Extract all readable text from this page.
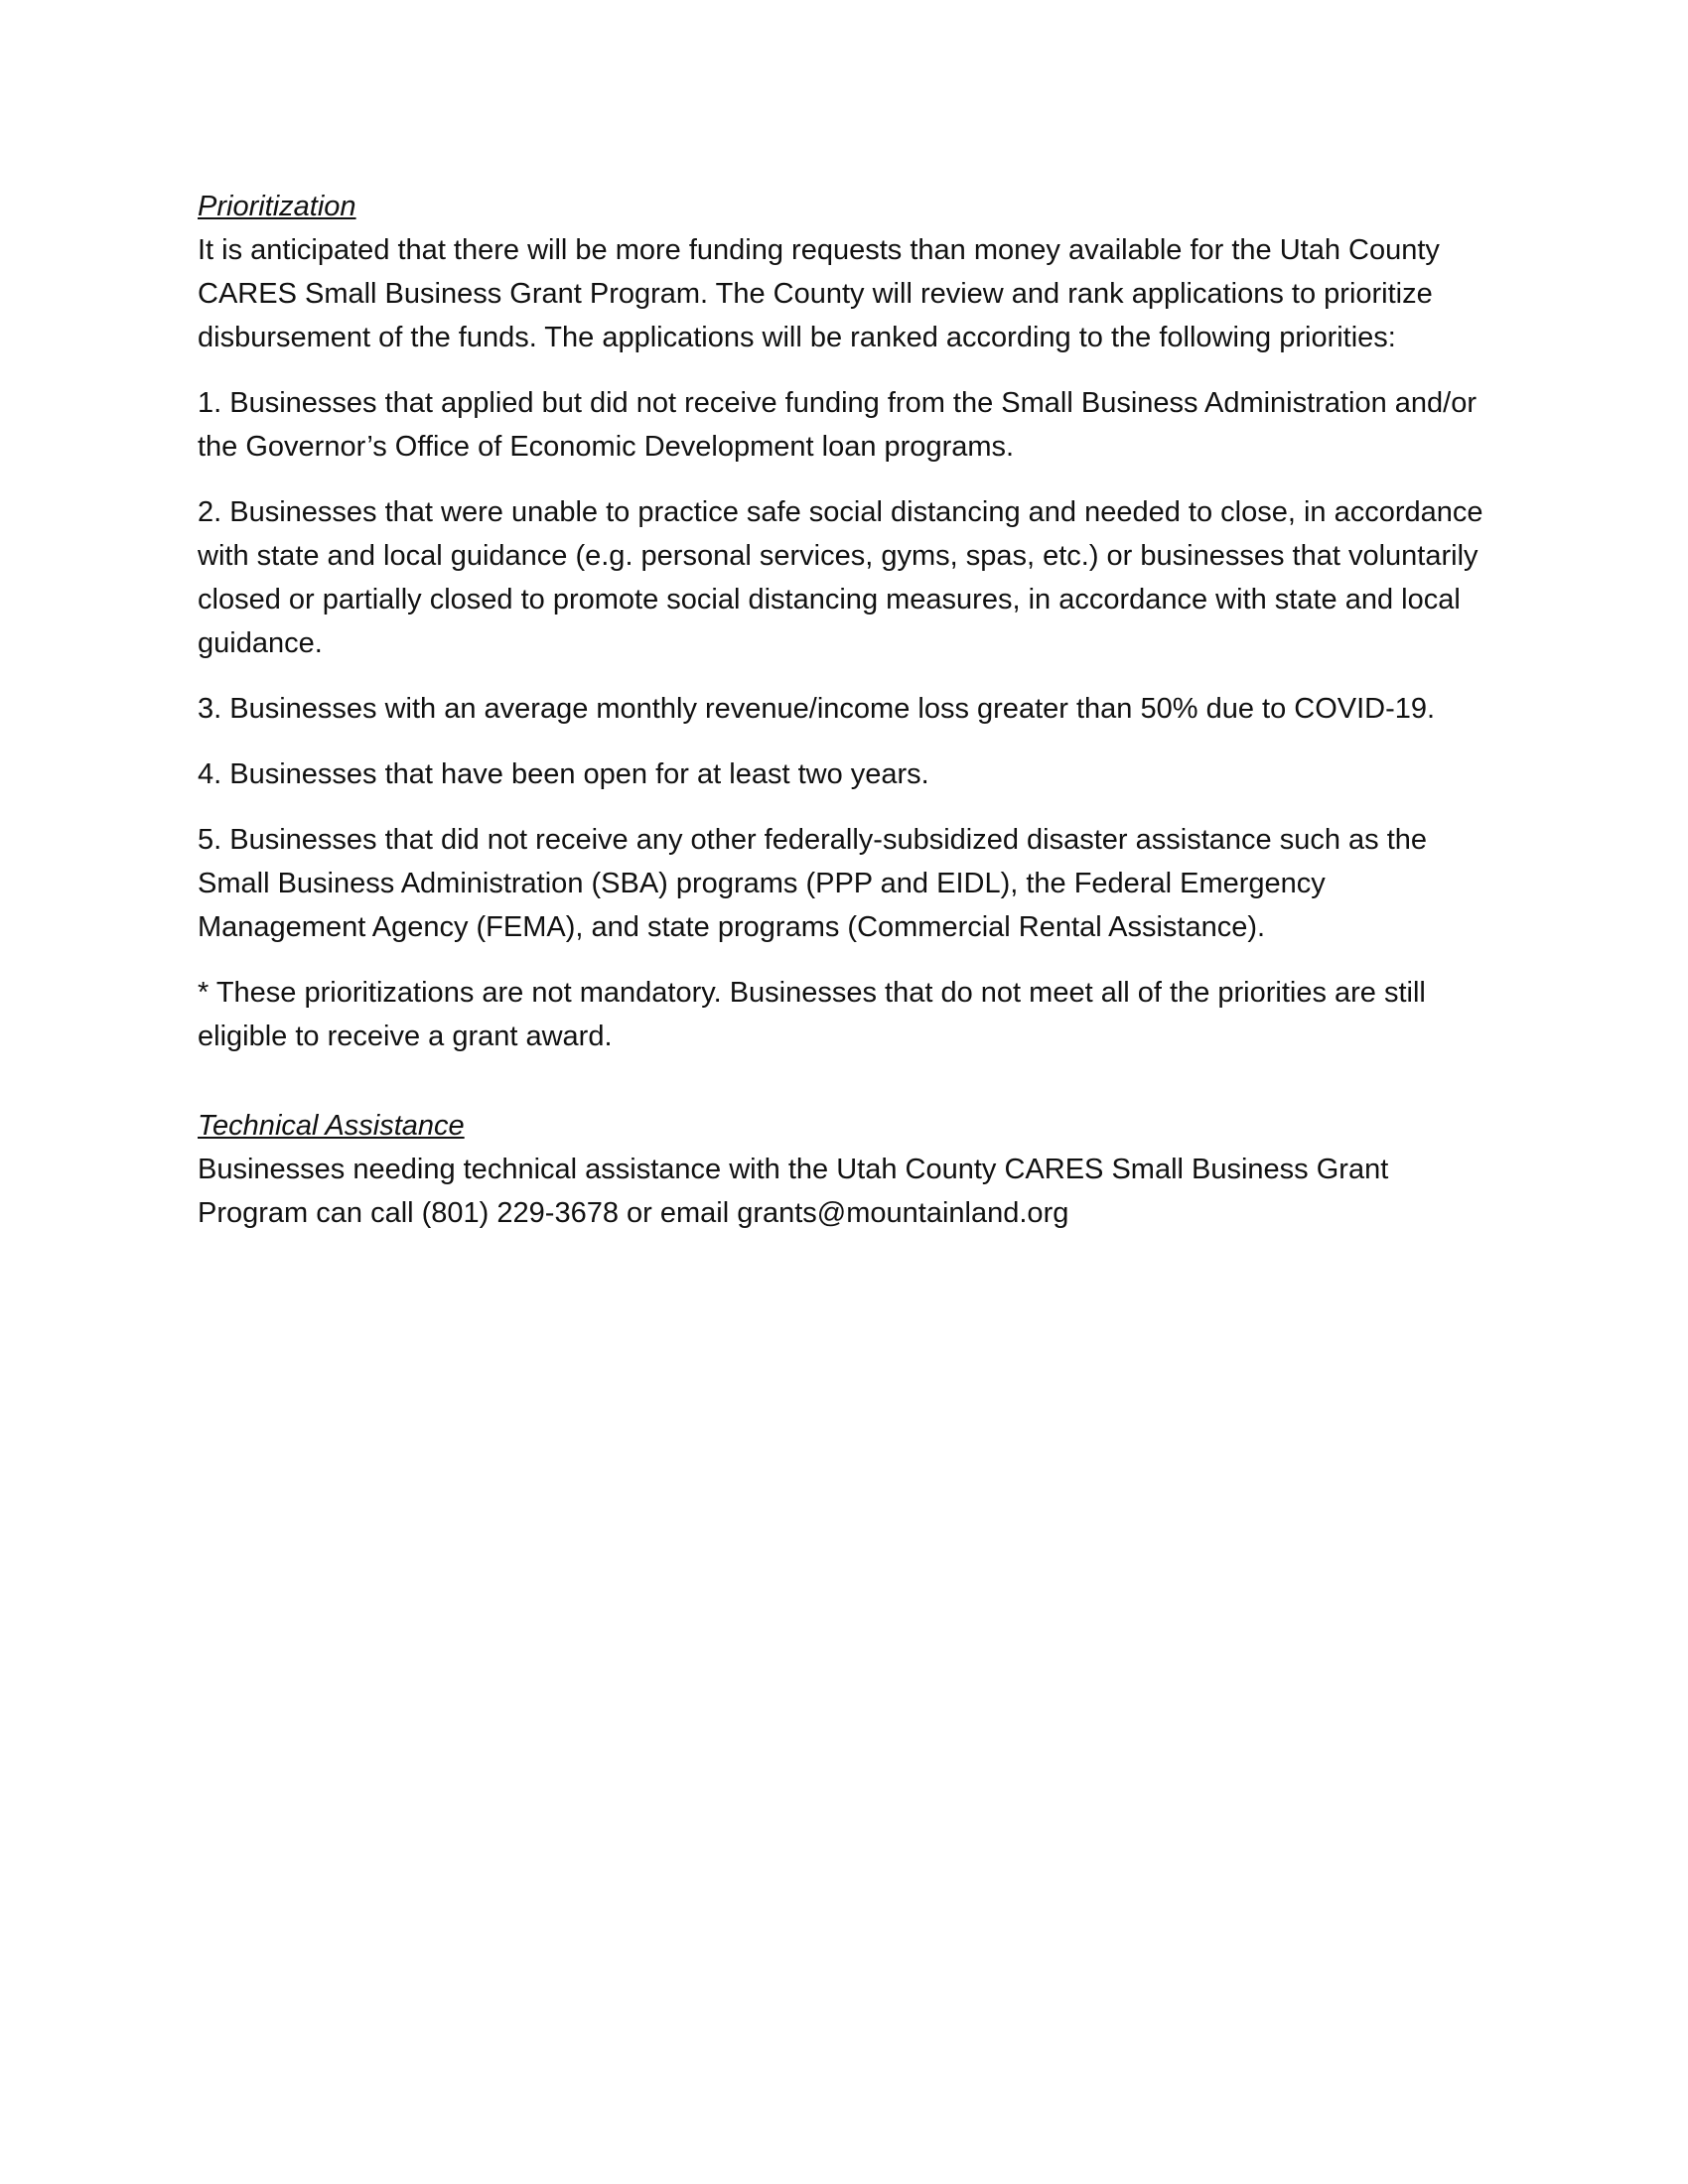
Prioritization

It is anticipated that there will be more funding requests than money available for the Utah County CARES Small Business Grant Program. The County will review and rank applications to prioritize disbursement of the funds. The applications will be ranked according to the following priorities:

1. Businesses that applied but did not receive funding from the Small Business Administration and/or the Governor’s Office of Economic Development loan programs.

2. Businesses that were unable to practice safe social distancing and needed to close, in accordance with state and local guidance (e.g. personal services, gyms, spas, etc.) or businesses that voluntarily closed or partially closed to promote social distancing measures, in accordance with state and local guidance.

3. Businesses with an average monthly revenue/income loss greater than 50% due to COVID-19.

4. Businesses that have been open for at least two years.

5. Businesses that did not receive any other federally-subsidized disaster assistance such as the Small Business Administration (SBA) programs (PPP and EIDL), the Federal Emergency Management Agency (FEMA), and state programs (Commercial Rental Assistance).

* These prioritizations are not mandatory. Businesses that do not meet all of the priorities are still eligible to receive a grant award.

Technical Assistance

Businesses needing technical assistance with the Utah County CARES Small Business Grant Program can call (801) 229-3678 or email grants@mountainland.org
